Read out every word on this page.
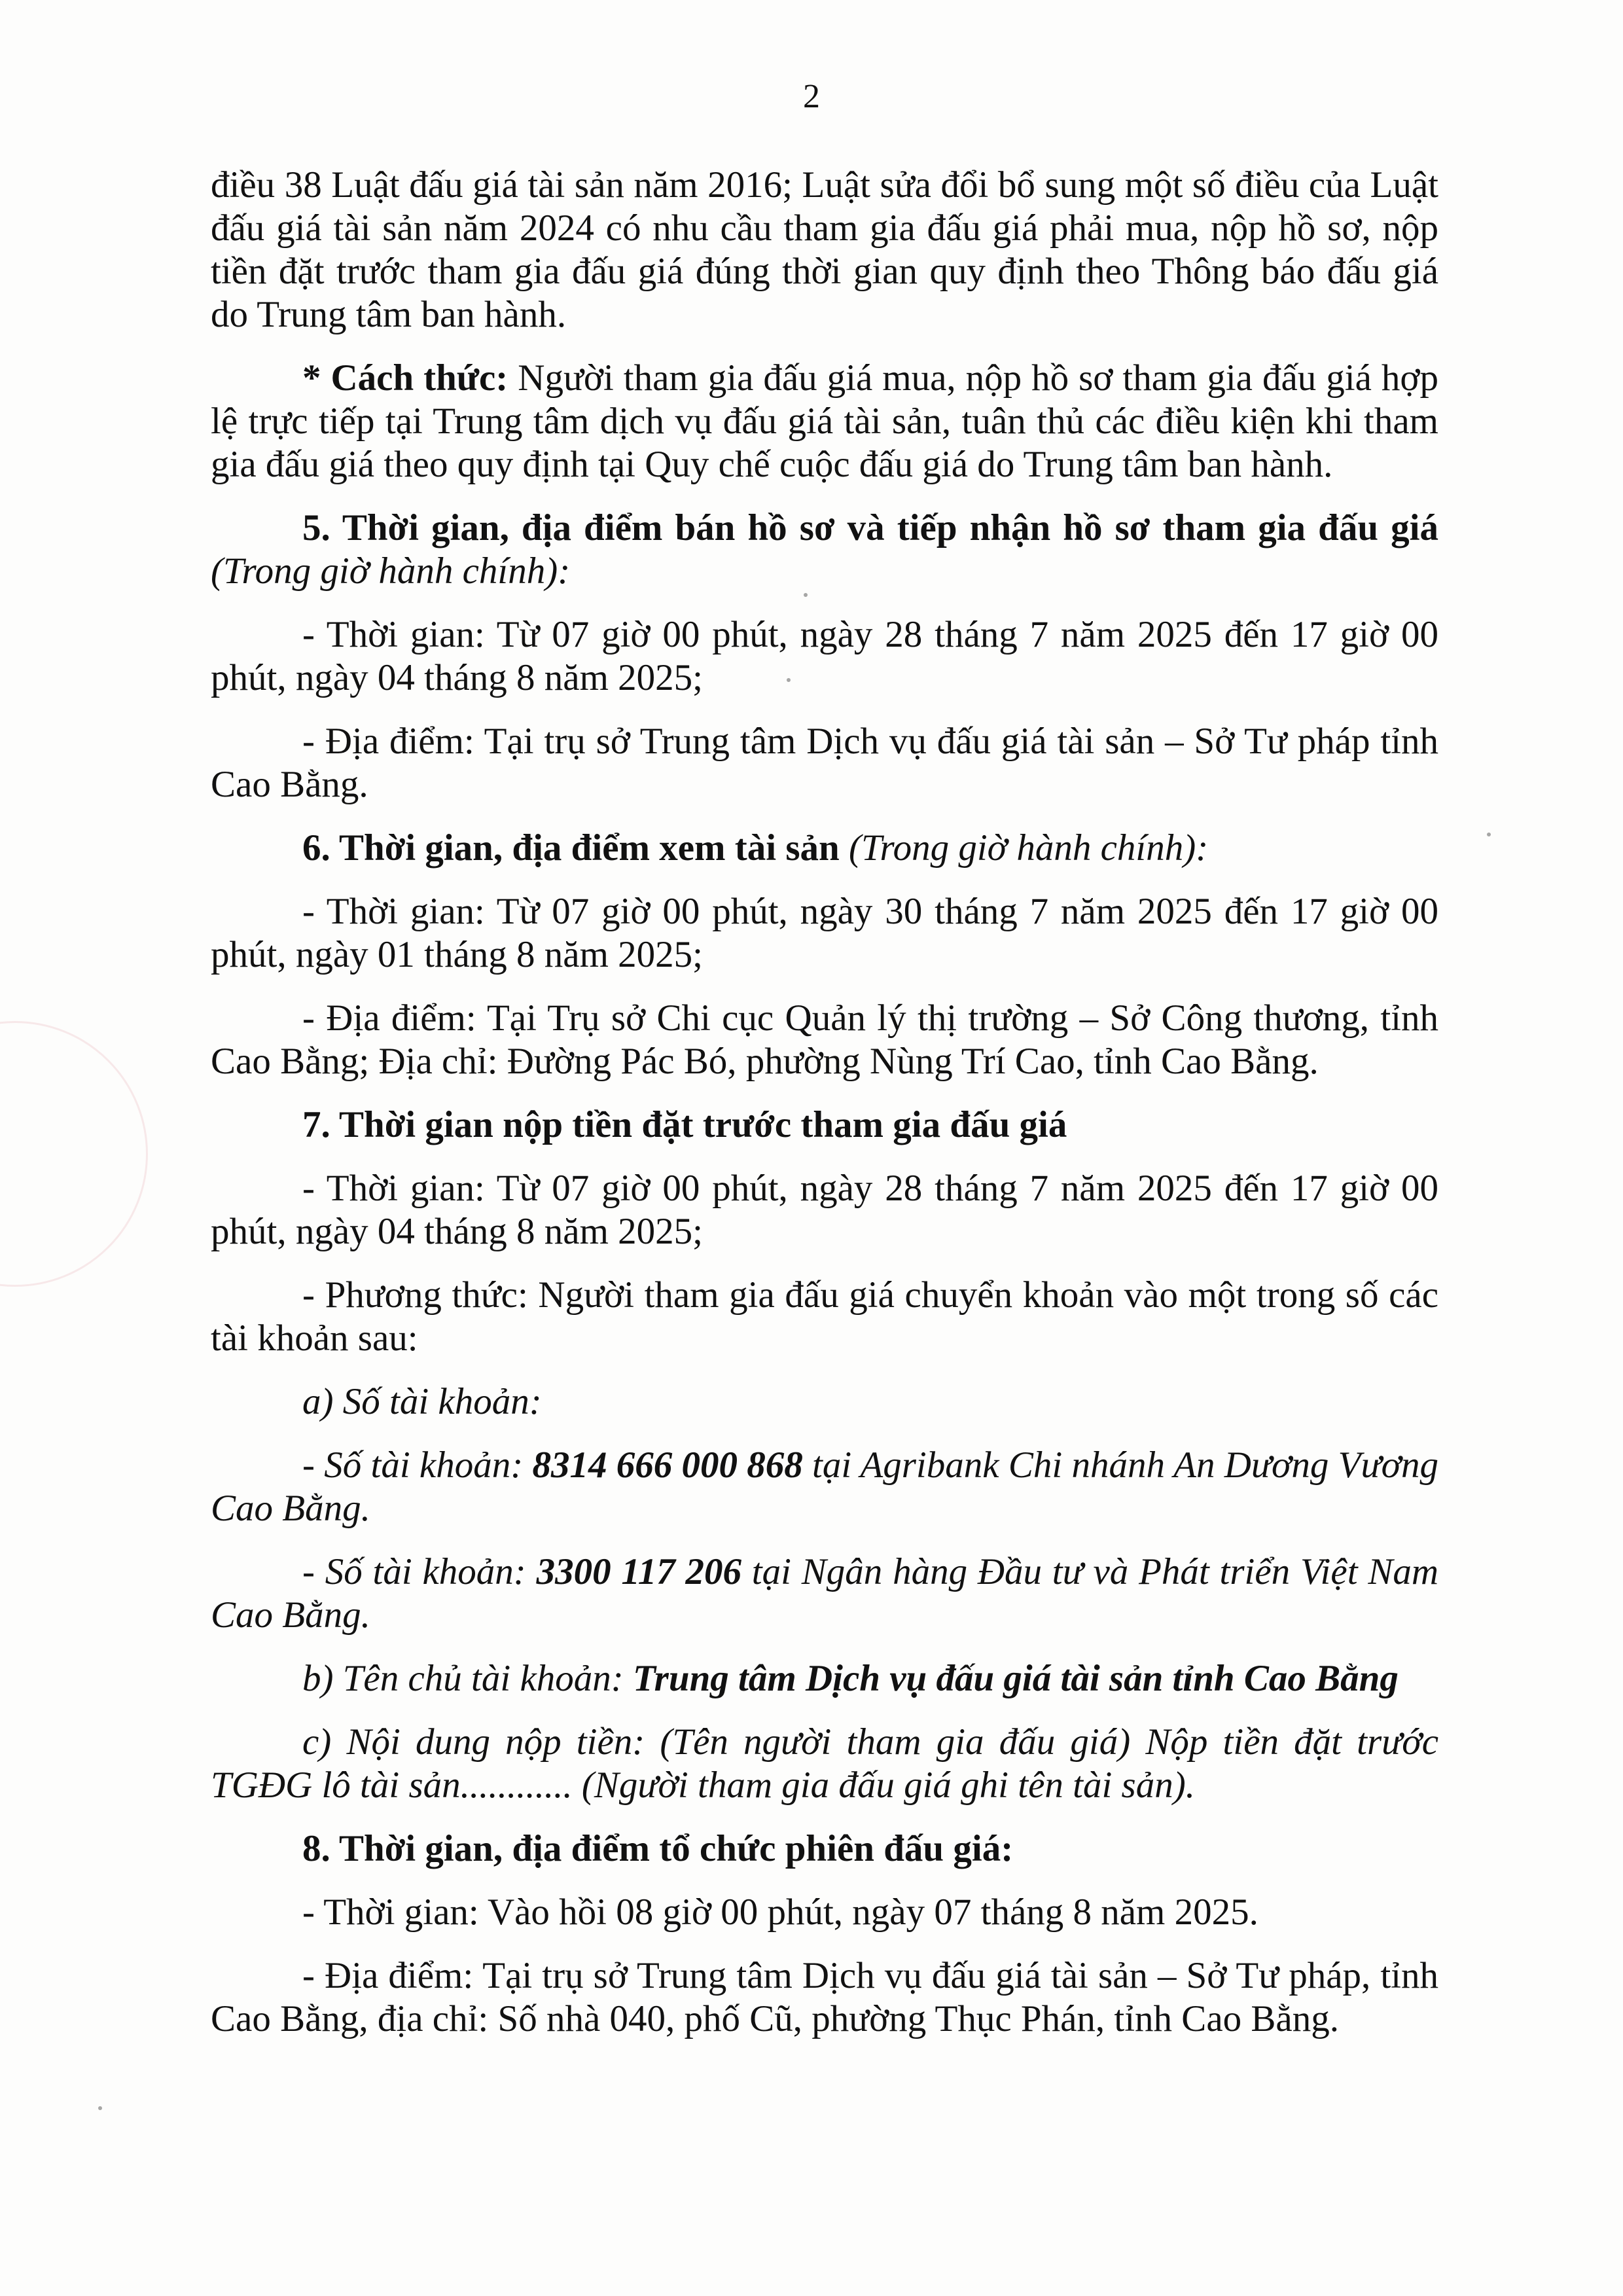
2

điều 38 Luật đấu giá tài sản năm 2016; Luật sửa đổi bổ sung một số điều của Luật đấu giá tài sản năm 2024 có nhu cầu tham gia đấu giá phải mua, nộp hồ sơ, nộp tiền đặt trước tham gia đấu giá đúng thời gian quy định theo Thông báo đấu giá do Trung tâm ban hành.

* Cách thức: Người tham gia đấu giá mua, nộp hồ sơ tham gia đấu giá hợp lệ trực tiếp tại Trung tâm dịch vụ đấu giá tài sản, tuân thủ các điều kiện khi tham gia đấu giá theo quy định tại Quy chế cuộc đấu giá do Trung tâm ban hành.

5. Thời gian, địa điểm bán hồ sơ và tiếp nhận hồ sơ tham gia đấu giá (Trong giờ hành chính):

- Thời gian: Từ 07 giờ 00 phút, ngày 28 tháng 7 năm 2025 đến 17 giờ 00 phút, ngày 04 tháng 8 năm 2025;

- Địa điểm: Tại trụ sở Trung tâm Dịch vụ đấu giá tài sản – Sở Tư pháp tỉnh Cao Bằng.

6. Thời gian, địa điểm xem tài sản (Trong giờ hành chính):

- Thời gian: Từ 07 giờ 00 phút, ngày 30 tháng 7 năm 2025 đến 17 giờ 00 phút, ngày 01 tháng 8 năm 2025;

- Địa điểm: Tại Trụ sở Chi cục Quản lý thị trường – Sở Công thương, tỉnh Cao Bằng; Địa chỉ: Đường Pác Bó, phường Nùng Trí Cao, tỉnh Cao Bằng.

7. Thời gian nộp tiền đặt trước tham gia đấu giá

- Thời gian: Từ 07 giờ 00 phút, ngày 28 tháng 7 năm 2025 đến 17 giờ 00 phút, ngày 04 tháng 8 năm 2025;

- Phương thức: Người tham gia đấu giá chuyển khoản vào một trong số các tài khoản sau:

a) Số tài khoản:

- Số tài khoản: 8314 666 000 868 tại Agribank Chi nhánh An Dương Vương Cao Bằng.

- Số tài khoản: 3300 117 206 tại Ngân hàng Đầu tư và Phát triển Việt Nam Cao Bằng.

b) Tên chủ tài khoản: Trung tâm Dịch vụ đấu giá tài sản tỉnh Cao Bằng

c) Nội dung nộp tiền: (Tên người tham gia đấu giá) Nộp tiền đặt trước TGĐG lô tài sản............ (Người tham gia đấu giá ghi tên tài sản).

8. Thời gian, địa điểm tổ chức phiên đấu giá:

- Thời gian: Vào hồi 08 giờ 00 phút, ngày 07 tháng 8 năm 2025.

- Địa điểm: Tại trụ sở Trung tâm Dịch vụ đấu giá tài sản – Sở Tư pháp, tỉnh Cao Bằng, địa chỉ: Số nhà 040, phố Cũ, phường Thục Phán, tỉnh Cao Bằng.
